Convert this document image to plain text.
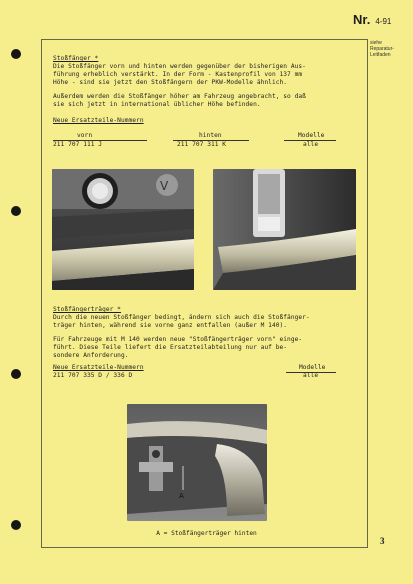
Nr. 4-91
siehe
Reparatur-
Leitfaden
Stoßfänger *
Die Stoßfänger vorn und hinten werden gegenüber der bisherigen Aus-
führung erheblich verstärkt. In der Form - Kastenprofil von 137 mm
Höhe - sind sie jetzt den Stoßfängern der PKW-Modelle ähnlich.
Außerdem werden die Stoßfänger höher am Fahrzeug angebracht, so daß
sie sich jetzt in international üblicher Höhe befinden.
Neue Ersatzteile-Nummern
vorn	hinten	Modelle
211 707 111 J	211 707 311 K	alle
V
Stoßfängerträger *
Durch die neuen Stoßfänger bedingt, ändern sich auch die Stoßfänger-
träger hinten, während sie vorne ganz entfallen (außer M 140).
Für Fahrzeuge mit M 140 werden neue "Stoßfängerträger vorn" einge-
führt. Diese Teile liefert die Ersatzteilabteilung nur auf be-
sondere Anforderung.
Neue Ersatzteile-Nummern	Modelle
211 707 335 D / 336 D	alle
A
A = Stoßfängerträger hinten
3
